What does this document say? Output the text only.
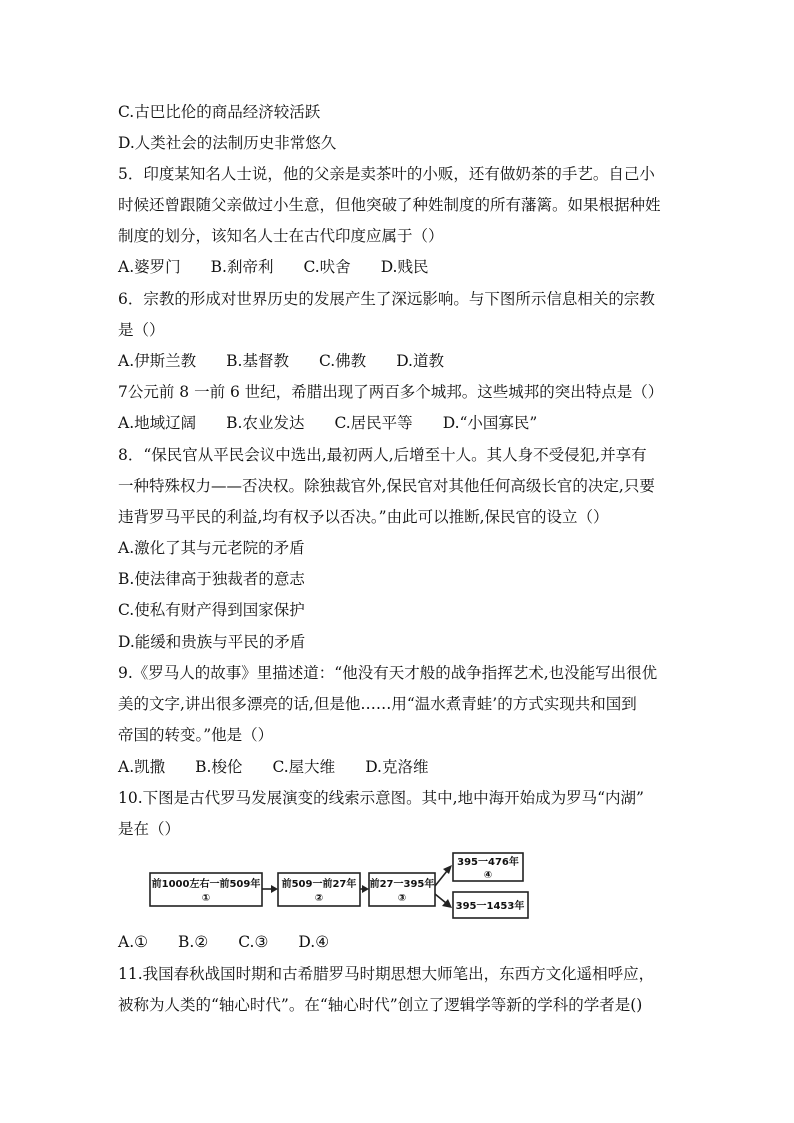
C.古巴比伦的商品经济较活跃
D.人类社会的法制历史非常悠久
5．印度某知名人士说，他的父亲是卖茶叶的小贩，还有做奶茶的手艺。自己小
时候还曾跟随父亲做过小生意，但他突破了种姓制度的所有藩篱。如果根据种姓
制度的划分，该知名人士在古代印度应属于（）
A.婆罗门 B.刹帝利 C.吠舍 D.贱民
6．宗教的形成对世界历史的发展产生了深远影响。与下图所示信息相关的宗教
是（）
A.伊斯兰教 B.基督教 C.佛教 D.道教
7公元前 8 一前 6 世纪，希腊出现了两百多个城邦。这些城邦的突出特点是（）
A.地域辽阔 B.农业发达 C.居民平等 D.“小国寡民”
8．“保民官从平民会议中选出,最初两人,后增至十人。其人身不受侵犯,并享有
一种特殊权力——否决权。除独裁官外,保民官对其他任何高级长官的决定,只要
违背罗马平民的利益,均有权予以否决。”由此可以推断,保民官的设立（）
A.激化了其与元老院的矛盾
B.使法律高于独裁者的意志
C.使私有财产得到国家保护
D.能缓和贵族与平民的矛盾
9.《罗马人的故事》里描述道：“他没有天才般的战争指挥艺术,也没能写出很优
美的文字,讲出很多漂亮的话,但是他……用“温水煮青蛙’的方式实现共和国到
帝国的转变。”他是（）
A.凯撒 B.梭伦 C.屋大维 D.克洛维
10.下图是古代罗马发展演变的线索示意图。其中,地中海开始成为罗马“内湖”
是在（）
前1000左右一前509年
①
前509一前27年
②
前27一395年
③
395一476年
④
395一1453年
A.① B.② C.③ D.④
11.我国春秋战国时期和古希腊罗马时期思想大师笔出，东西方文化遥相呼应，
被称为人类的“轴心时代”。在“轴心时代”创立了逻辑学等新的学科的学者是()
